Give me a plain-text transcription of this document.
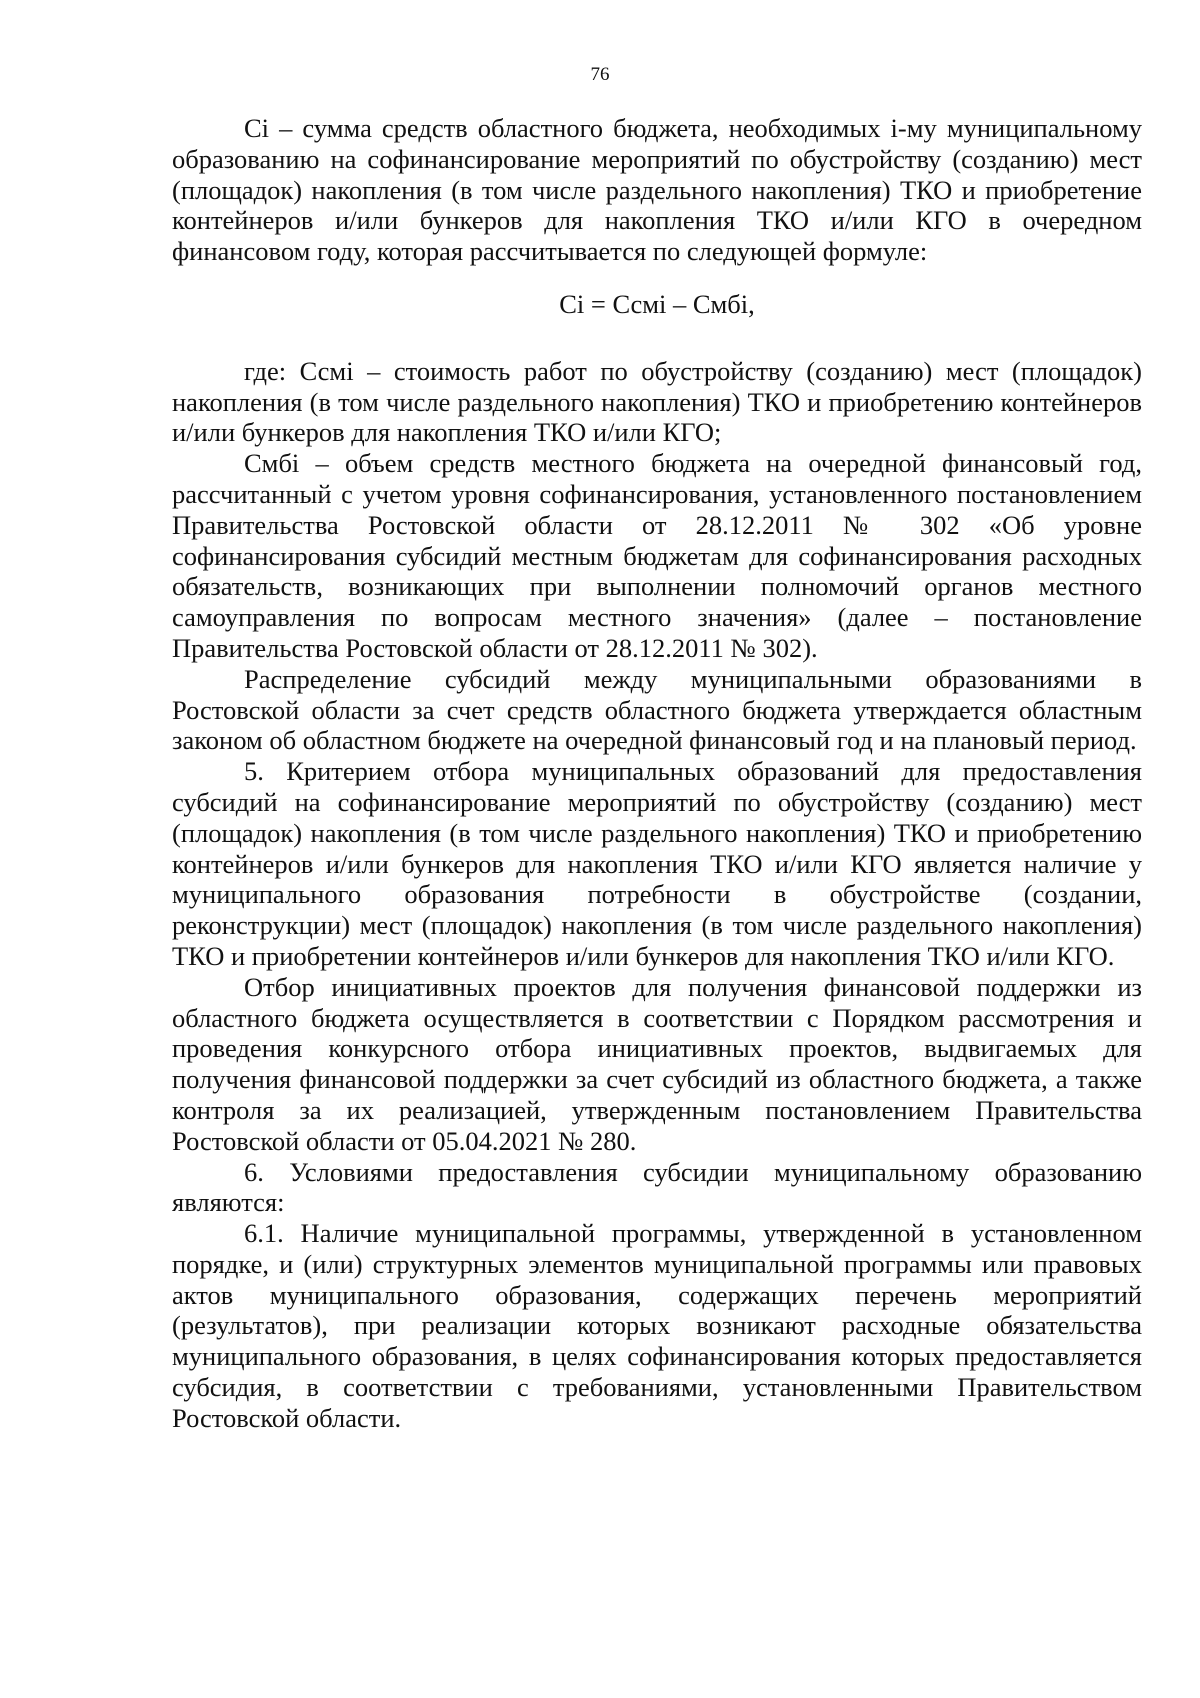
76

Сi – сумма средств областного бюджета, необходимых i-му муниципальному образованию на софинансирование мероприятий по обустройству (созданию) мест (площадок) накопления (в том числе раздельного накопления) ТКО и приобретение контейнеров и/или бункеров для накопления ТКО и/или КГО в очередном финансовом году, которая рассчитывается по следующей формуле:

Сi = Ссмi – Смбi,

где: Ссмi – стоимость работ по обустройству (созданию) мест (площадок) накопления (в том числе раздельного накопления) ТКО и приобретению контейнеров и/или бункеров для накопления ТКО и/или КГО;

Смбi – объем средств местного бюджета на очередной финансовый год, рассчитанный с учетом уровня софинансирования, установленного постановлением Правительства Ростовской области от 28.12.2011 № 302 «Об уровне софинансирования субсидий местным бюджетам для софинансирования расходных обязательств, возникающих при выполнении полномочий органов местного самоуправления по вопросам местного значения» (далее – постановление Правительства Ростовской области от 28.12.2011 № 302).

Распределение субсидий между муниципальными образованиями в Ростовской области за счет средств областного бюджета утверждается областным законом об областном бюджете на очередной финансовый год и на плановый период.

5. Критерием отбора муниципальных образований для предоставления субсидий на софинансирование мероприятий по обустройству (созданию) мест (площадок) накопления (в том числе раздельного накопления) ТКО и приобретению контейнеров и/или бункеров для накопления ТКО и/или КГО является наличие у муниципального образования потребности в обустройстве (создании, реконструкции) мест (площадок) накопления (в том числе раздельного накопления) ТКО и приобретении контейнеров и/или бункеров для накопления ТКО и/или КГО.

Отбор инициативных проектов для получения финансовой поддержки из областного бюджета осуществляется в соответствии с Порядком рассмотрения и проведения конкурсного отбора инициативных проектов, выдвигаемых для получения финансовой поддержки за счет субсидий из областного бюджета, а также контроля за их реализацией, утвержденным постановлением Правительства Ростовской области от 05.04.2021 № 280.

6. Условиями предоставления субсидии муниципальному образованию являются:

6.1. Наличие муниципальной программы, утвержденной в установленном порядке, и (или) структурных элементов муниципальной программы или правовых актов муниципального образования, содержащих перечень мероприятий (результатов), при реализации которых возникают расходные обязательства муниципального образования, в целях софинансирования которых предоставляется субсидия, в соответствии с требованиями, установленными Правительством Ростовской области.
